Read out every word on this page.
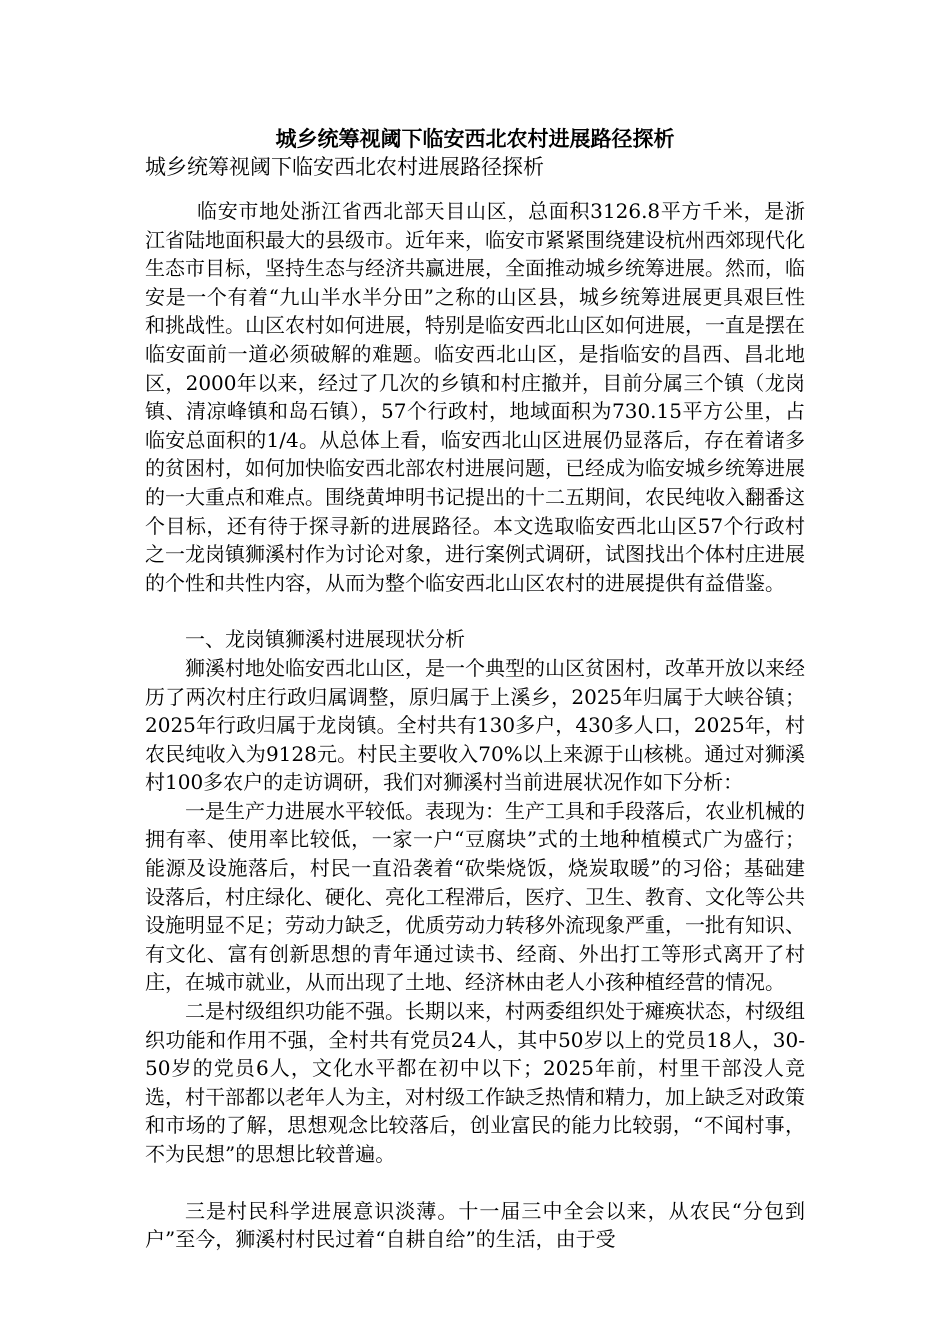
城乡统筹视阈下临安西北农村进展路径探析

城乡统筹视阈下临安西北农村进展路径探析

临安市地处浙江省西北部天目山区，总面积3126.8平方千米，是浙江省陆地面积最大的县级市。近年来，临安市紧紧围绕建设杭州西郊现代化生态市目标，坚持生态与经济共赢进展，全面推动城乡统筹进展。然而，临安是一个有着“九山半水半分田”之称的山区县，城乡统筹进展更具艰巨性和挑战性。山区农村如何进展，特别是临安西北山区如何进展，一直是摆在临安面前一道必须破解的难题。临安西北山区，是指临安的昌西、昌北地区，2000年以来，经过了几次的乡镇和村庄撤并，目前分属三个镇（龙岗镇、清凉峰镇和岛石镇），57个行政村，地域面积为730.15平方公里，占临安总面积的1/4。从总体上看，临安西北山区进展仍显落后，存在着诸多的贫困村，如何加快临安西北部农村进展问题，已经成为临安城乡统筹进展的一大重点和难点。围绕黄坤明书记提出的十二五期间，农民纯收入翻番这个目标，还有待于探寻新的进展路径。本文选取临安西北山区57个行政村之一龙岗镇狮溪村作为讨论对象，进行案例式调研，试图找出个体村庄进展的个性和共性内容，从而为整个临安西北山区农村的进展提供有益借鉴。

一、龙岗镇狮溪村进展现状分析

狮溪村地处临安西北山区，是一个典型的山区贫困村，改革开放以来经历了两次村庄行政归属调整，原归属于上溪乡，2025年归属于大峡谷镇；2025年行政归属于龙岗镇。全村共有130多户，430多人口，2025年，村农民纯收入为9128元。村民主要收入70%以上来源于山核桃。通过对狮溪村100多农户的走访调研，我们对狮溪村当前进展状况作如下分析：

一是生产力进展水平较低。表现为：生产工具和手段落后，农业机械的拥有率、使用率比较低，一家一户“豆腐块”式的土地种植模式广为盛行；能源及设施落后，村民一直沿袭着“砍柴烧饭，烧炭取暖”的习俗；基础建设落后，村庄绿化、硬化、亮化工程滞后，医疗、卫生、教育、文化等公共设施明显不足；劳动力缺乏，优质劳动力转移外流现象严重，一批有知识、有文化、富有创新思想的青年通过读书、经商、外出打工等形式离开了村庄，在城市就业，从而出现了土地、经济林由老人小孩种植经营的情况。

二是村级组织功能不强。长期以来，村两委组织处于瘫痪状态，村级组织功能和作用不强，全村共有党员24人，其中50岁以上的党员18人，30-50岁的党员6人，文化水平都在初中以下；2025年前，村里干部没人竞选，村干部都以老年人为主，对村级工作缺乏热情和精力，加上缺乏对政策和市场的了解，思想观念比较落后，创业富民的能力比较弱，“不闻村事，不为民想”的思想比较普遍。

三是村民科学进展意识淡薄。十一届三中全会以来，从农民“分包到户”至今，狮溪村村民过着“自耕自给”的生活，由于受
